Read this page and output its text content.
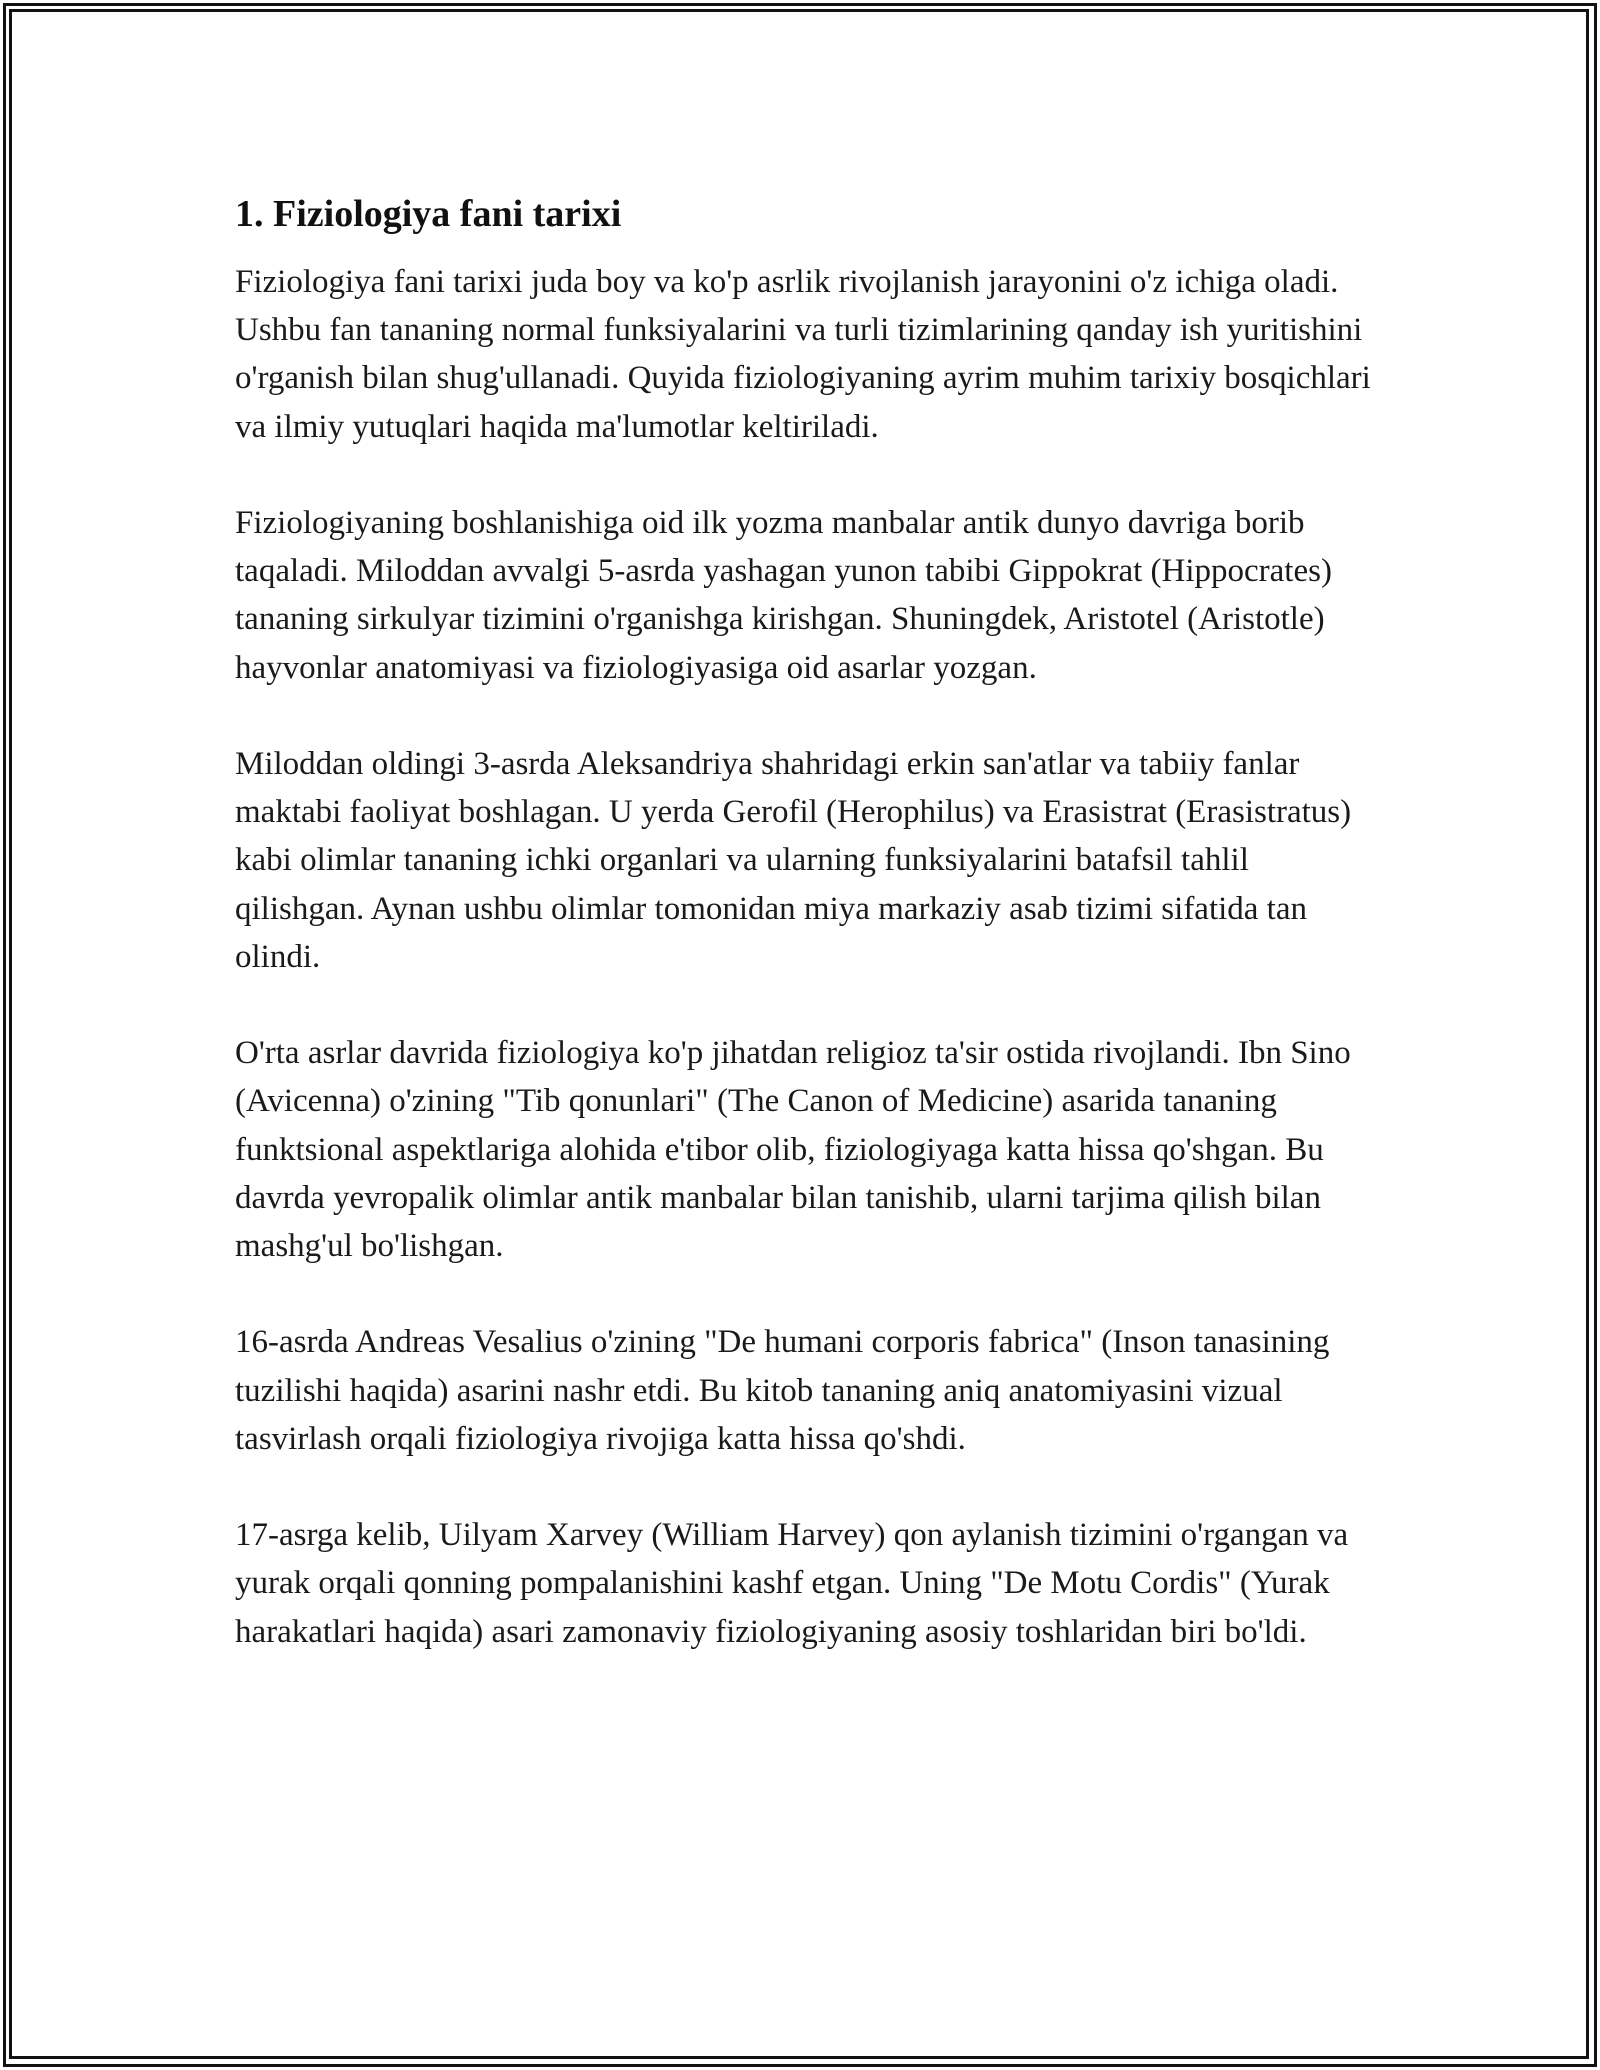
1. Fiziologiya fani tarixi

Fiziologiya fani tarixi juda boy va ko'p asrlik rivojlanish jarayonini o'z ichiga oladi. Ushbu fan tananing normal funksiyalarini va turli tizimlarining qanday ish yuritishini o'rganish bilan shug'ullanadi. Quyida fiziologiyaning ayrim muhim tarixiy bosqichlari va ilmiy yutuqlari haqida ma'lumotlar keltiriladi.

Fiziologiyaning boshlanishiga oid ilk yozma manbalar antik dunyo davriga borib taqaladi. Miloddan avvalgi 5-asrda yashagan yunon tabibi Gippokrat (Hippocrates) tananing sirkulyar tizimini o'rganishga kirishgan. Shuningdek, Aristotel (Aristotle) hayvonlar anatomiyasi va fiziologiyasiga oid asarlar yozgan.

Miloddan oldingi 3-asrda Aleksandriya shahridagi erkin san'atlar va tabiiy fanlar maktabi faoliyat boshlagan. U yerda Gerofil (Herophilus) va Erasistrat (Erasistratus) kabi olimlar tananing ichki organlari va ularning funksiyalarini batafsil tahlil qilishgan. Aynan ushbu olimlar tomonidan miya markaziy asab tizimi sifatida tan olindi.

O'rta asrlar davrida fiziologiya ko'p jihatdan religioz ta'sir ostida rivojlandi. Ibn Sino (Avicenna) o'zining "Tib qonunlari" (The Canon of Medicine) asarida tananing funktsional aspektlariga alohida e'tibor olib, fiziologiyaga katta hissa qo'shgan. Bu davrda yevropalik olimlar antik manbalar bilan tanishib, ularni tarjima qilish bilan mashg'ul bo'lishgan.

16-asrda Andreas Vesalius o'zining "De humani corporis fabrica" (Inson tanasining tuzilishi haqida) asarini nashr etdi. Bu kitob tananing aniq anatomiyasini vizual tasvirlash orqali fiziologiya rivojiga katta hissa qo'shdi.

17-asrga kelib, Uilyam Xarvey (William Harvey) qon aylanish tizimini o'rgangan va yurak orqali qonning pompalanishini kashf etgan. Uning "De Motu Cordis" (Yurak harakatlari haqida) asari zamonaviy fiziologiyaning asosiy toshlaridan biri bo'ldi.
